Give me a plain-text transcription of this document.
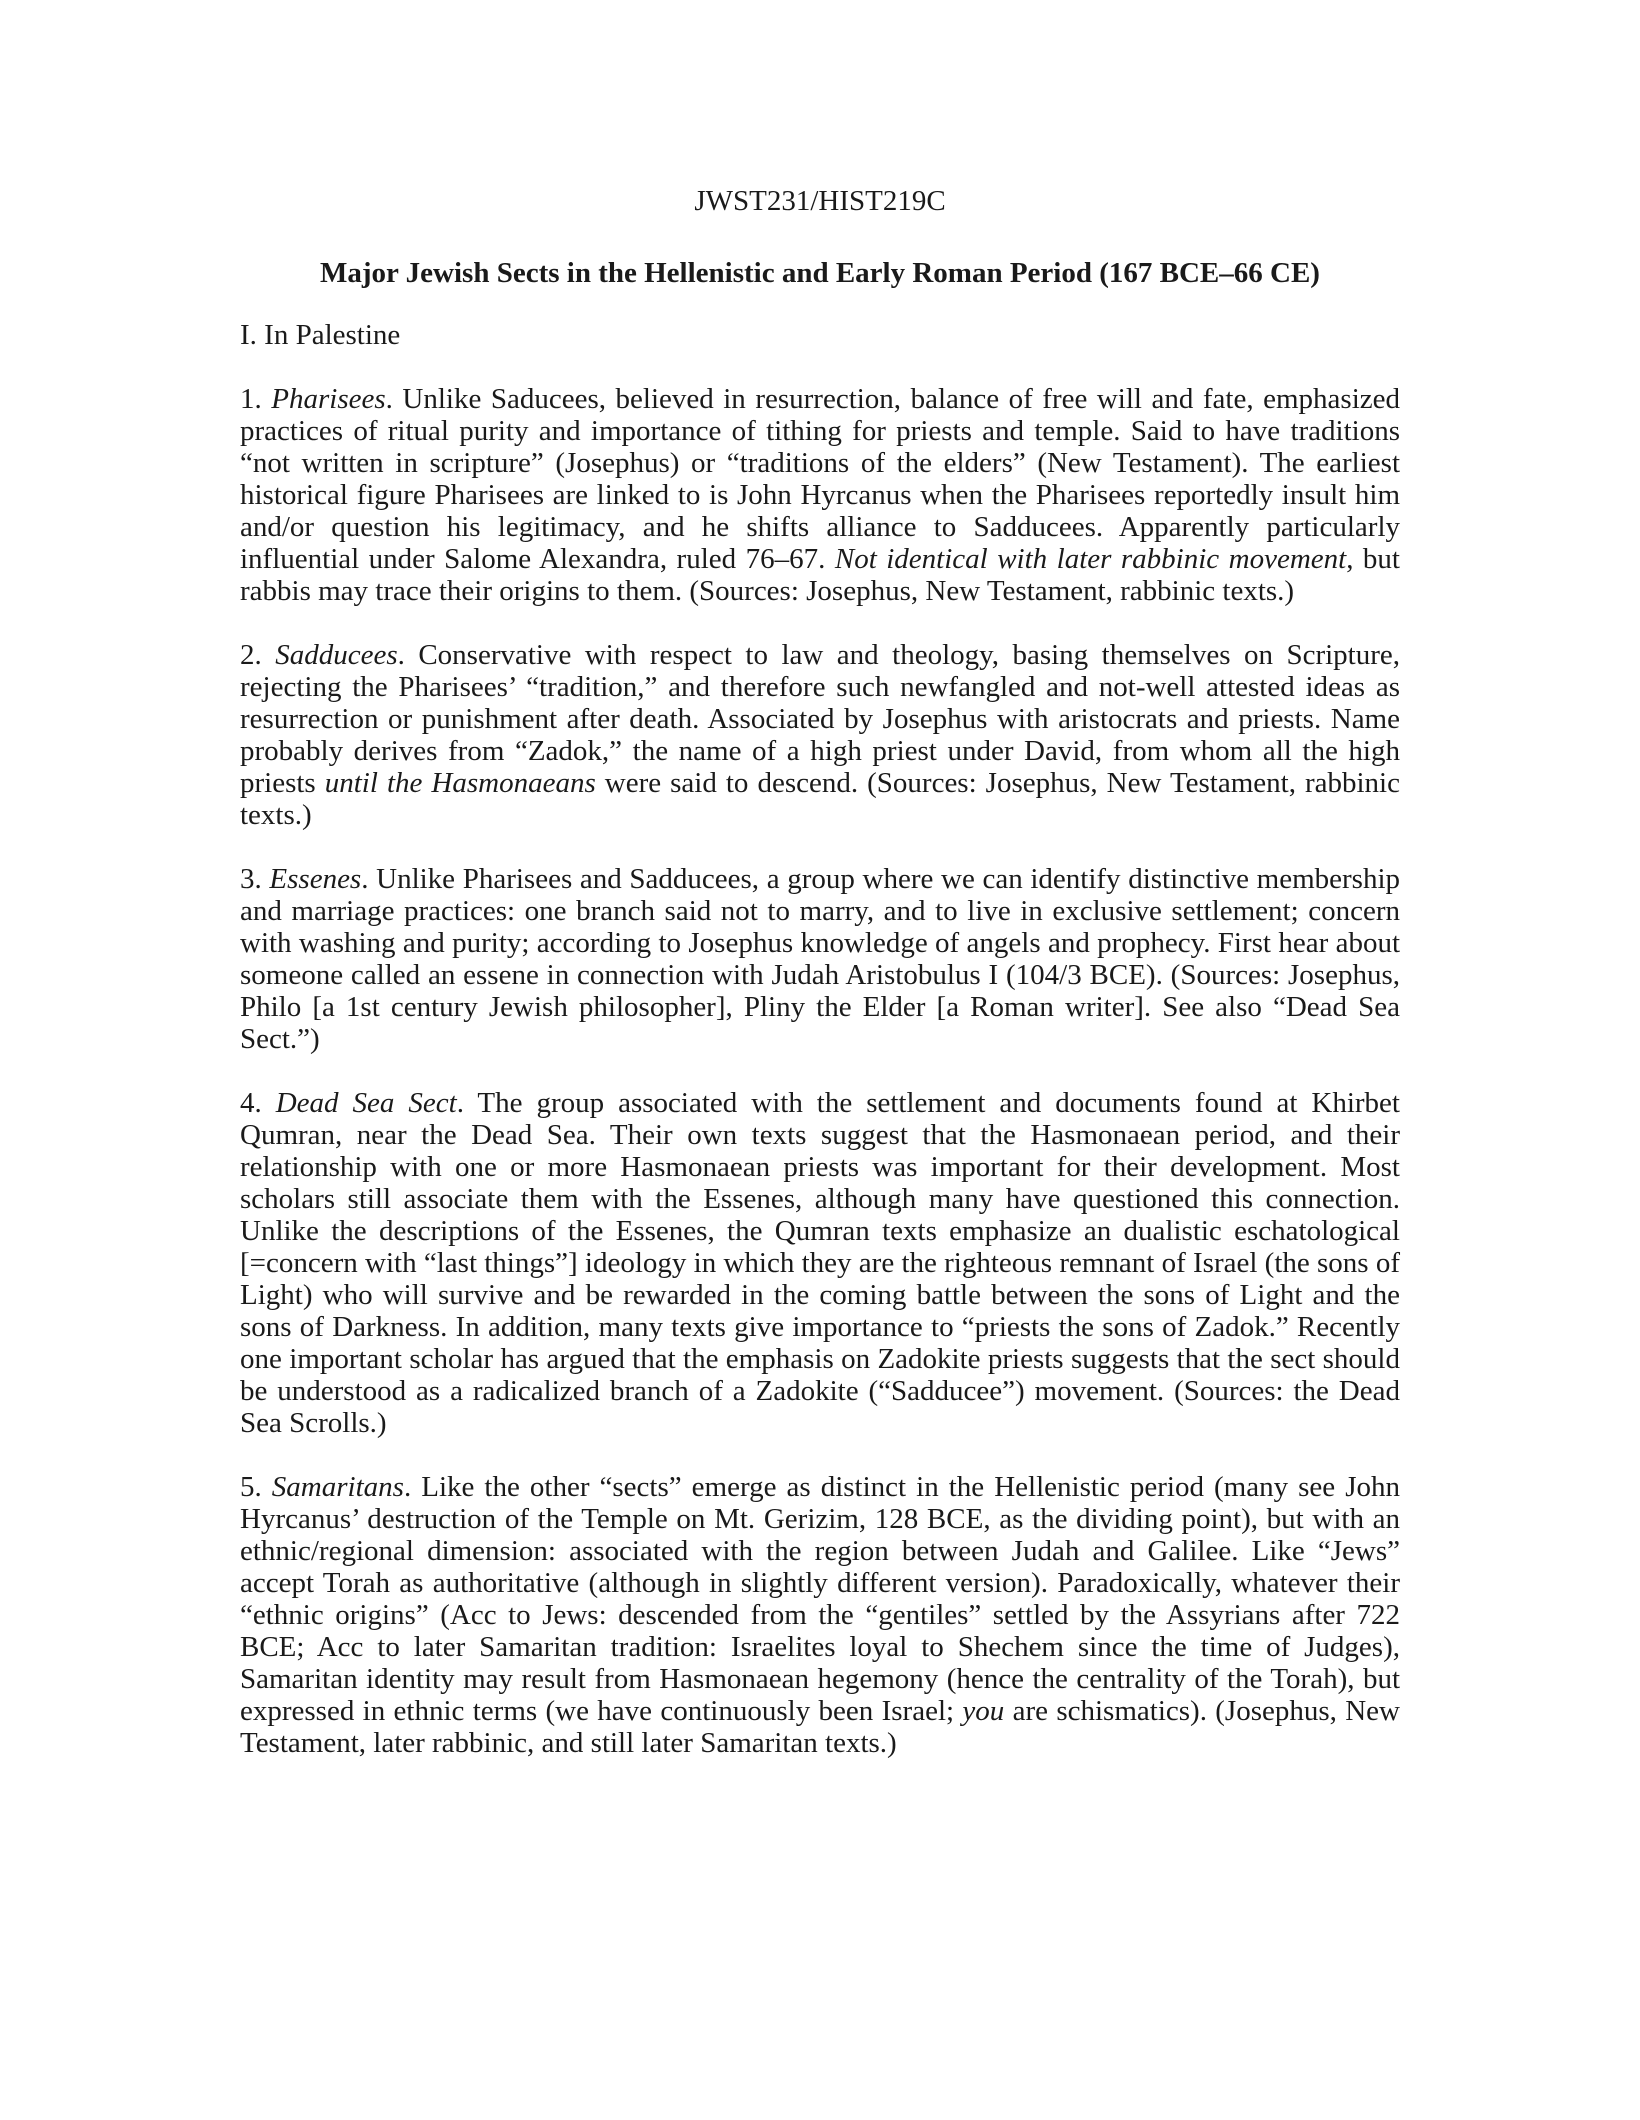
JWST231/HIST219C
Major Jewish Sects in the Hellenistic and Early Roman Period (167 BCE–66 CE)
I. In Palestine
1. Pharisees. Unlike Saducees, believed in resurrection, balance of free will and fate, emphasized practices of ritual purity and importance of tithing for priests and temple. Said to have traditions “not written in scripture” (Josephus) or “traditions of the elders” (New Testament). The earliest historical figure Pharisees are linked to is John Hyrcanus when the Pharisees reportedly insult him and/or question his legitimacy, and he shifts alliance to Sadducees. Apparently particularly influential under Salome Alexandra, ruled 76–67. Not identical with later rabbinic movement, but rabbis may trace their origins to them. (Sources: Josephus, New Testament, rabbinic texts.)
2. Sadducees. Conservative with respect to law and theology, basing themselves on Scripture, rejecting the Pharisees’ “tradition,” and therefore such newfangled and not-well attested ideas as resurrection or punishment after death. Associated by Josephus with aristocrats and priests. Name probably derives from “Zadok,” the name of a high priest under David, from whom all the high priests until the Hasmonaeans were said to descend. (Sources: Josephus, New Testament, rabbinic texts.)
3. Essenes. Unlike Pharisees and Sadducees, a group where we can identify distinctive membership and marriage practices: one branch said not to marry, and to live in exclusive settlement; concern with washing and purity; according to Josephus knowledge of angels and prophecy. First hear about someone called an essene in connection with Judah Aristobulus I (104/3 BCE). (Sources: Josephus, Philo [a 1st century Jewish philosopher], Pliny the Elder [a Roman writer]. See also “Dead Sea Sect.”)
4. Dead Sea Sect. The group associated with the settlement and documents found at Khirbet Qumran, near the Dead Sea. Their own texts suggest that the Hasmonaean period, and their relationship with one or more Hasmonaean priests was important for their development. Most scholars still associate them with the Essenes, although many have questioned this connection. Unlike the descriptions of the Essenes, the Qumran texts emphasize an dualistic eschatological [=concern with “last things”] ideology in which they are the righteous remnant of Israel (the sons of Light) who will survive and be rewarded in the coming battle between the sons of Light and the sons of Darkness. In addition, many texts give importance to “priests the sons of Zadok.” Recently one important scholar has argued that the emphasis on Zadokite priests suggests that the sect should be understood as a radicalized branch of a Zadokite (“Sadducee”) movement. (Sources: the Dead Sea Scrolls.)
5. Samaritans. Like the other “sects” emerge as distinct in the Hellenistic period (many see John Hyrcanus’ destruction of the Temple on Mt. Gerizim, 128 BCE, as the dividing point), but with an ethnic/regional dimension: associated with the region between Judah and Galilee. Like “Jews” accept Torah as authoritative (although in slightly different version). Paradoxically, whatever their “ethnic origins” (Acc to Jews: descended from the “gentiles” settled by the Assyrians after 722 BCE; Acc to later Samaritan tradition: Israelites loyal to Shechem since the time of Judges), Samaritan identity may result from Hasmonaean hegemony (hence the centrality of the Torah), but expressed in ethnic terms (we have continuously been Israel; you are schismatics). (Josephus, New Testament, later rabbinic, and still later Samaritan texts.)
